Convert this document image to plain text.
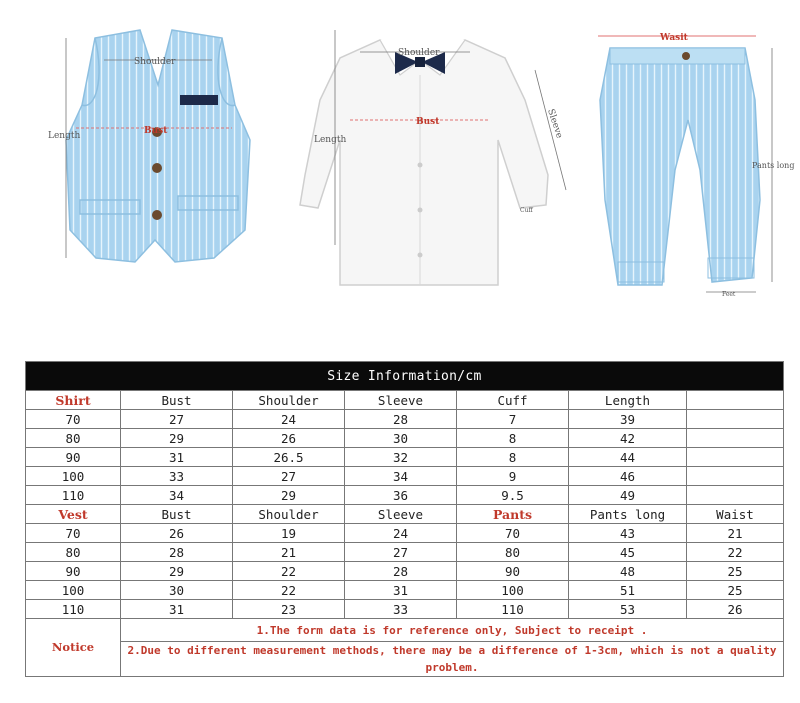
Shoulder
Length	Bust
Shoulder
Length
Bust	Sleeve
Cuff
Wasit
Pants long
Feet
Size Information/cm						
Shirt	Bust	Shoulder	Sleeve	Cuff	Length	
70	27	24	28	7	39	
80	29	26	30	8	42	
90	31	26.5	32	8	44	
100	33	27	34	9	46	
110	34	29	36	9.5	49	
Vest	Bust	Shoulder	Sleeve	Pants	Pants long	Waist
70	26	19	24	70	43	21
80	28	21	27	80	45	22
90	29	22	28	90	48	25
100	30	22	31	100	51	25
110	31	23	33	110	53	26
Notice	1.The form data is for reference only, Subject to receipt .					
	2.Due to different measurement methods, there may be a difference of 1-3cm, which is not a quality problem.					
